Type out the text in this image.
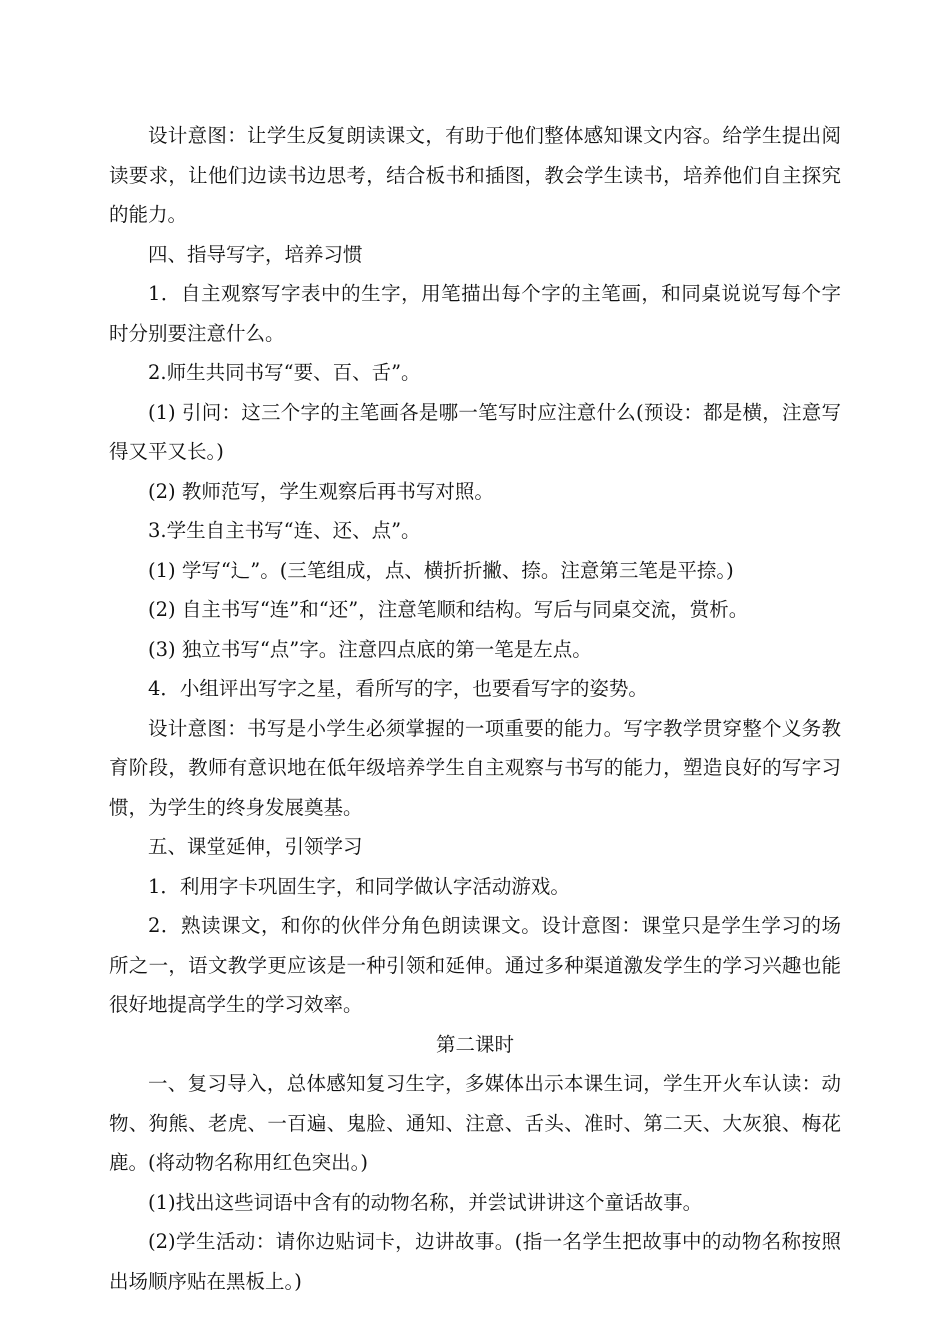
设计意图：让学生反复朗读课文，有助于他们整体感知课文内容。给学生提出阅读要求，让他们边读书边思考，结合板书和插图，教会学生读书，培养他们自主探究的能力。

四、指导写字，培养习惯

1．自主观察写字表中的生字，用笔描出每个字的主笔画，和同桌说说写每个字时分别要注意什么。

2.师生共同书写“要、百、舌”。

(1) 引问：这三个字的主笔画各是哪一笔写时应注意什么(预设：都是横，注意写得又平又长。)

(2) 教师范写，学生观察后再书写对照。

3.学生自主书写“连、还、点”。

(1) 学写“辶”。(三笔组成，点、横折折撇、捺。注意第三笔是平捺。)

(2) 自主书写“连”和“还”，注意笔顺和结构。写后与同桌交流，赏析。

(3) 独立书写“点”字。注意四点底的第一笔是左点。

4．小组评出写字之星，看所写的字，也要看写字的姿势。

设计意图：书写是小学生必须掌握的一项重要的能力。写字教学贯穿整个义务教育阶段，教师有意识地在低年级培养学生自主观察与书写的能力，塑造良好的写字习惯，为学生的终身发展奠基。

五、课堂延伸，引领学习

1．利用字卡巩固生字，和同学做认字活动游戏。

2．熟读课文，和你的伙伴分角色朗读课文。设计意图：课堂只是学生学习的场所之一，语文教学更应该是一种引领和延伸。通过多种渠道激发学生的学习兴趣也能很好地提高学生的学习效率。

第二课时

一、复习导入，总体感知复习生字，多媒体出示本课生词，学生开火车认读：动物、狗熊、老虎、一百遍、鬼脸、通知、注意、舌头、准时、第二天、大灰狼、梅花鹿。(将动物名称用红色突出。)

(1)找出这些词语中含有的动物名称，并尝试讲讲这个童话故事。

(2)学生活动：请你边贴词卡，边讲故事。(指一名学生把故事中的动物名称按照出场顺序贴在黑板上。)
